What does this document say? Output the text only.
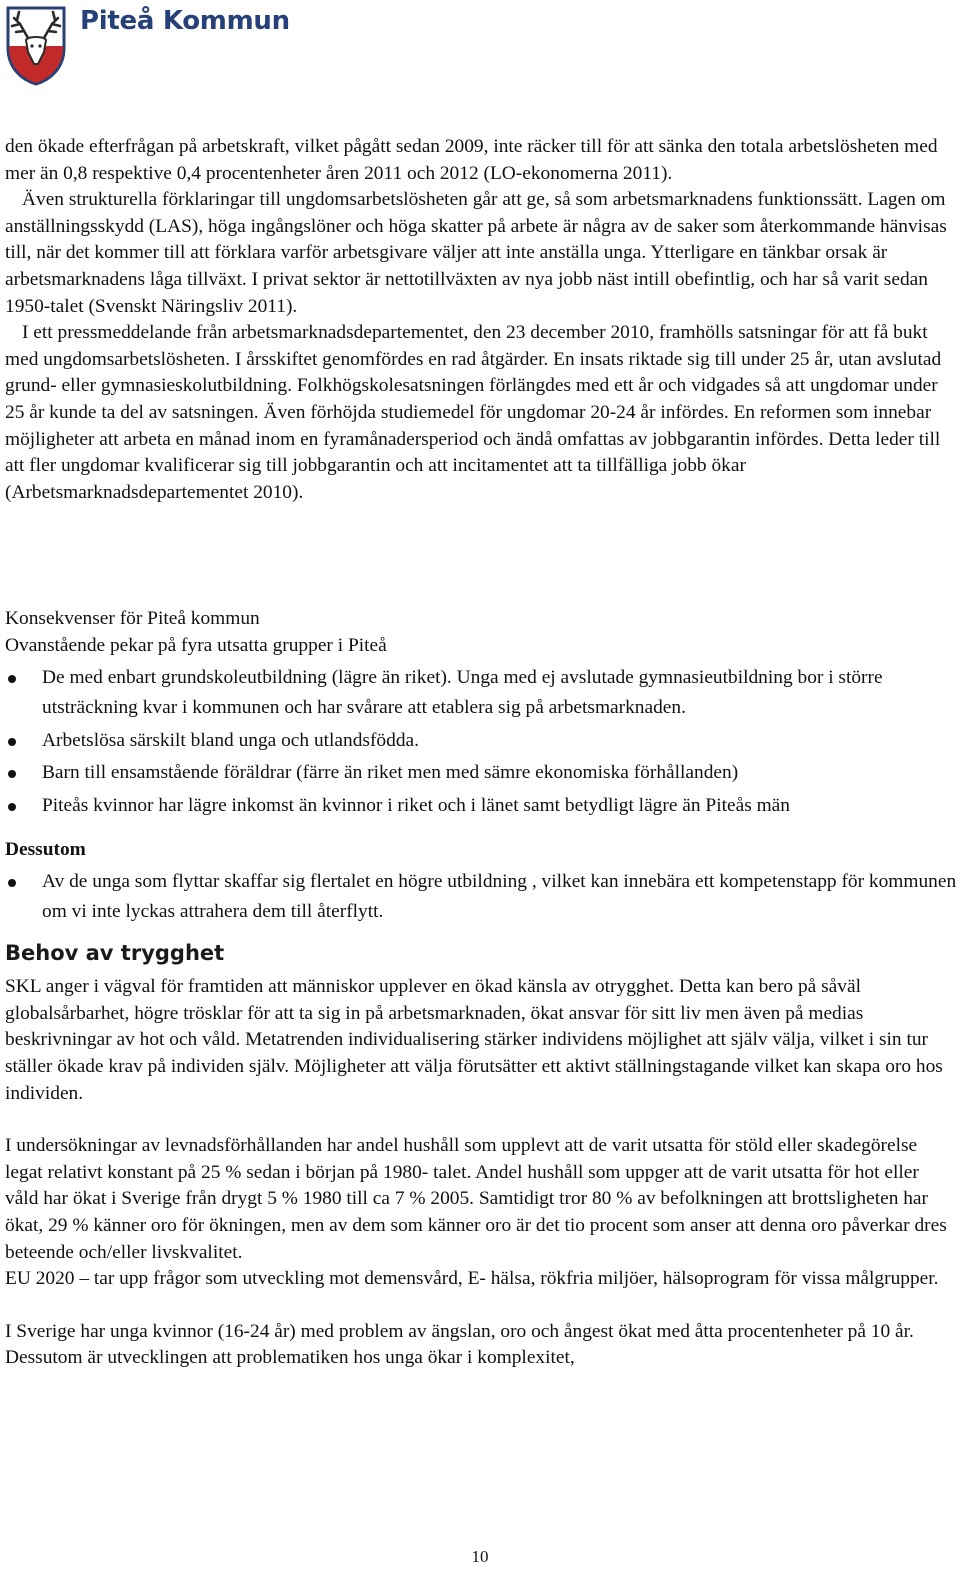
Piteå Kommun

den ökade efterfrågan på arbetskraft, vilket pågått sedan 2009, inte räcker till för att sänka den totala arbetslösheten med mer än 0,8 respektive 0,4 procentenheter åren 2011 och 2012 (LO-ekonomerna 2011).

Även strukturella förklaringar till ungdomsarbetslösheten går att ge, så som arbetsmarknadens funktionssätt. Lagen om anställningsskydd (LAS), höga ingångslöner och höga skatter på arbete är några av de saker som återkommande hänvisas till, när det kommer till att förklara varför arbetsgivare väljer att inte anställa unga. Ytterligare en tänkbar orsak är arbetsmarknadens låga tillväxt. I privat sektor är nettotillväxten av nya jobb näst intill obefintlig, och har så varit sedan 1950-talet (Svenskt Näringsliv 2011).

I ett pressmeddelande från arbetsmarknadsdepartementet, den 23 december 2010, framhölls satsningar för att få bukt med ungdomsarbetslösheten. I årsskiftet genomfördes en rad åtgärder. En insats riktade sig till under 25 år, utan avslutad grund- eller gymnasieskolutbildning. Folkhögskolesatsningen förlängdes med ett år och vidgades så att ungdomar under 25 år kunde ta del av satsningen. Även förhöjda studiemedel för ungdomar 20-24 år infördes. En reformen som innebar möjligheter att arbeta en månad inom en fyramånadersperiod och ändå omfattas av jobbgarantin infördes. Detta leder till att fler ungdomar kvalificerar sig till jobbgarantin och att incitamentet att ta tillfälliga jobb ökar (Arbetsmarknadsdepartementet 2010).

Konsekvenser för Piteå kommun

Ovanstående pekar på fyra utsatta grupper i Piteå

De med enbart grundskoleutbildning (lägre än riket). Unga med ej avslutade gymnasieutbildning bor i större utsträckning kvar i kommunen och har svårare att etablera sig på arbetsmarknaden.
Arbetslösa särskilt bland unga och utlandsfödda.
Barn till ensamstående föräldrar (färre än riket men med sämre ekonomiska förhållanden)
Piteås kvinnor har lägre inkomst än kvinnor i riket och i länet samt betydligt lägre än Piteås män

Dessutom

Av de unga som flyttar skaffar sig flertalet en högre utbildning , vilket kan innebära ett kompetenstapp för kommunen om vi inte lyckas attrahera dem till återflytt.
Behov av trygghet

SKL anger i vägval för framtiden att människor upplever en ökad känsla av otrygghet. Detta kan bero på såväl globalsårbarhet, högre trösklar för att ta sig in på arbetsmarknaden, ökat ansvar för sitt liv men även på medias beskrivningar av hot och våld. Metatrenden individualisering stärker individens möjlighet att själv välja, vilket i sin tur ställer ökade krav på individen själv. Möjligheter att välja förutsätter ett aktivt ställningstagande vilket kan skapa oro hos individen.

I undersökningar av levnadsförhållanden har andel hushåll som upplevt att de varit utsatta för stöld eller skadegörelse legat relativt konstant på 25 % sedan i början på 1980- talet. Andel hushåll som uppger att de varit utsatta för hot eller våld har ökat i Sverige från drygt 5 % 1980 till ca 7 % 2005. Samtidigt tror 80 % av befolkningen att brottsligheten har ökat, 29 % känner oro för ökningen, men av dem som känner oro är det tio procent som anser att denna oro påverkar dres beteende och/eller livskvalitet.

EU 2020 – tar upp frågor som utveckling mot demensvård, E- hälsa, rökfria miljöer, hälsoprogram för vissa målgrupper.

I Sverige har unga kvinnor (16-24 år) med problem av ängslan, oro och ångest ökat med åtta procentenheter på 10 år. Dessutom är utvecklingen att problematiken hos unga ökar i komplexitet,

10
